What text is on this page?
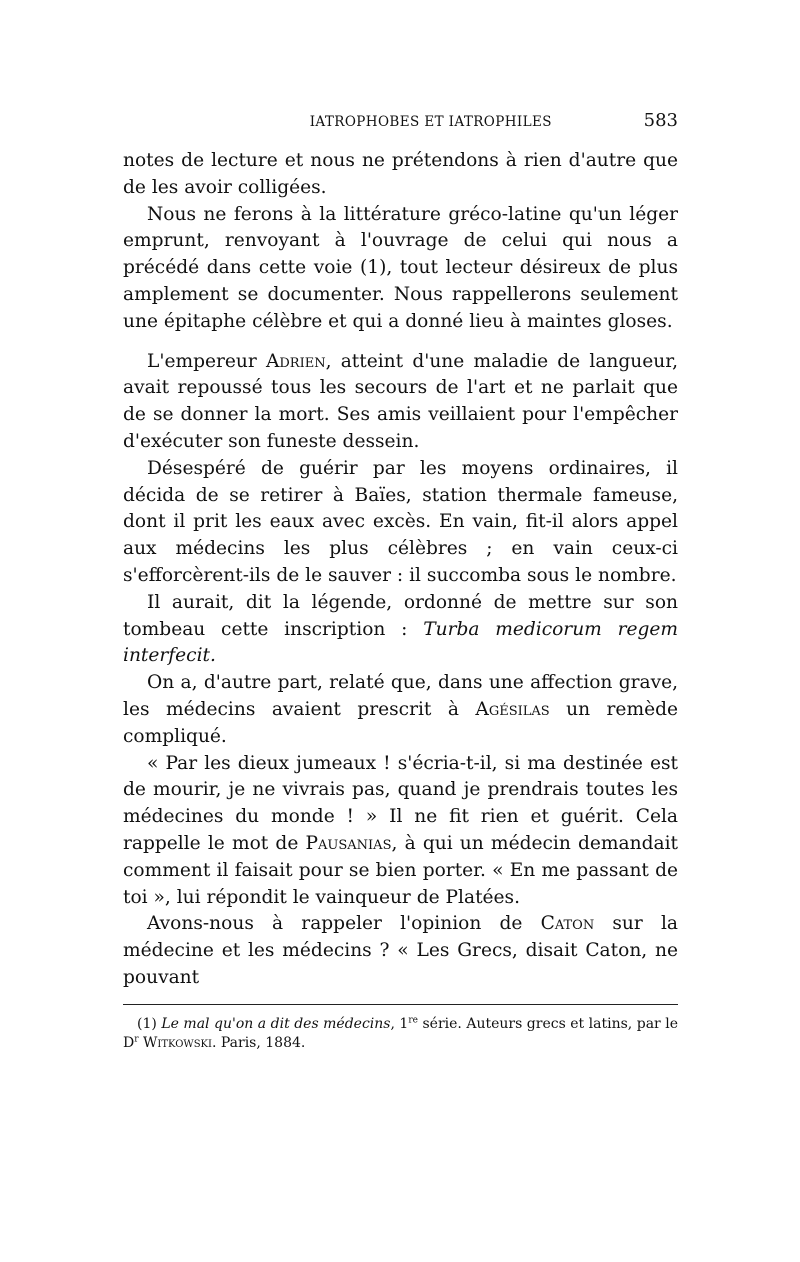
IATROPHOBES ET IATROPHILES	583

notes de lecture et nous ne prétendons à rien d'autre que de les avoir colligées.

Nous ne ferons à la littérature gréco-latine qu'un léger emprunt, renvoyant à l'ouvrage de celui qui nous a précédé dans cette voie (1), tout lecteur désireux de plus amplement se documenter. Nous rappellerons seulement une épitaphe célèbre et qui a donné lieu à maintes gloses.

L'empereur Adrien, atteint d'une maladie de langueur, avait repoussé tous les secours de l'art et ne parlait que de se donner la mort. Ses amis veillaient pour l'empêcher d'exécuter son funeste dessein.

Désespéré de guérir par les moyens ordinaires, il décida de se retirer à Baïes, station thermale fameuse, dont il prit les eaux avec excès. En vain, fit-il alors appel aux médecins les plus célèbres ; en vain ceux-ci s'efforcèrent-ils de le sauver : il succomba sous le nombre.

Il aurait, dit la légende, ordonné de mettre sur son tombeau cette inscription : Turba medicorum regem interfecit.

On a, d'autre part, relaté que, dans une affection grave, les médecins avaient prescrit à Agésilas un remède compliqué.

« Par les dieux jumeaux ! s'écria-t-il, si ma destinée est de mourir, je ne vivrais pas, quand je prendrais toutes les médecines du monde ! » Il ne fit rien et guérit. Cela rappelle le mot de Pausanias, à qui un médecin demandait comment il faisait pour se bien porter. « En me passant de toi », lui répondit le vainqueur de Platées.

Avons-nous à rappeler l'opinion de Caton sur la médecine et les médecins ? « Les Grecs, disait Caton, ne pouvant

(1) Le mal qu'on a dit des médecins, 1re série. Auteurs grecs et latins, par le $D^r$ Witkowski. Paris, 1884.
